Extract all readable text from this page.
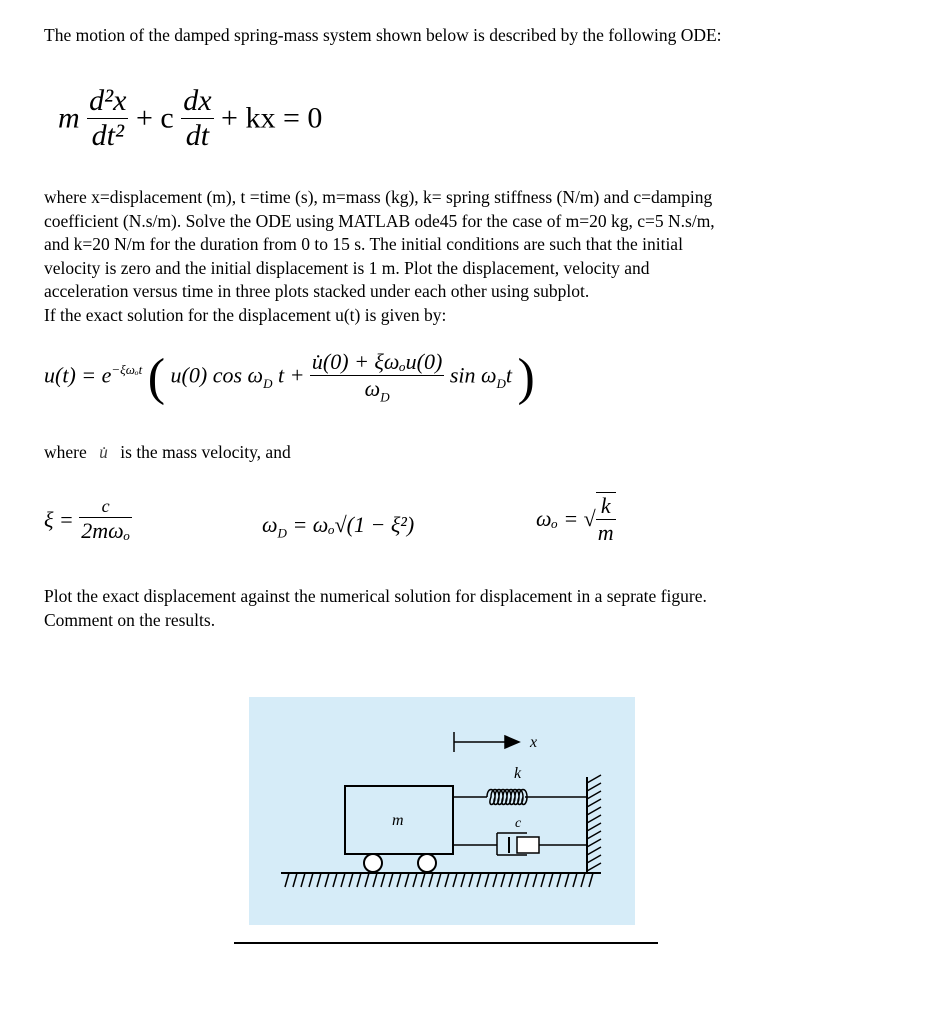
The motion of the damped spring-mass system shown below is described by the following ODE:
m $\frac{\text{d²x}}{\text{dt²}} + c \frac{dx}{dt}$ + kx = 0
where x=displacement (m), t =time (s), m=mass (kg), k= spring stiffness (N/m) and c=damping
coefficient (N.s/m). Solve the ODE using MATLAB ode45 for the case of m=20 kg, c=5 N.s/m,
and k=20 N/m for the duration from 0 to 15 s. The initial conditions are such that the initial
velocity is zero and the initial displacement is 1 m. Plot the displacement, velocity and
acceleration versus time in three plots stacked under each other using subplot.
If the exact solution for the displacement u(t) is given by:
$u(t) = e^{-\xi\omega_ot}$ ( u(0) $\cos \omega_D$ $t + \frac{\text{u̇(0) + ξωₒu(0)}}{\omega_D}$ $\sin \omega_Dt$ )
where u̇ is the mass velocity, and
$\xi = \frac{c}{\text{2mωₒ}}$	$\omega_D = \omega_o√(1 - \xi^2)$	ωₒ = √ $\frac{k}{m}$
Plot the exact displacement against the numerical solution for displacement in a seprate figure.
Comment on the results.
x
k
m	c
